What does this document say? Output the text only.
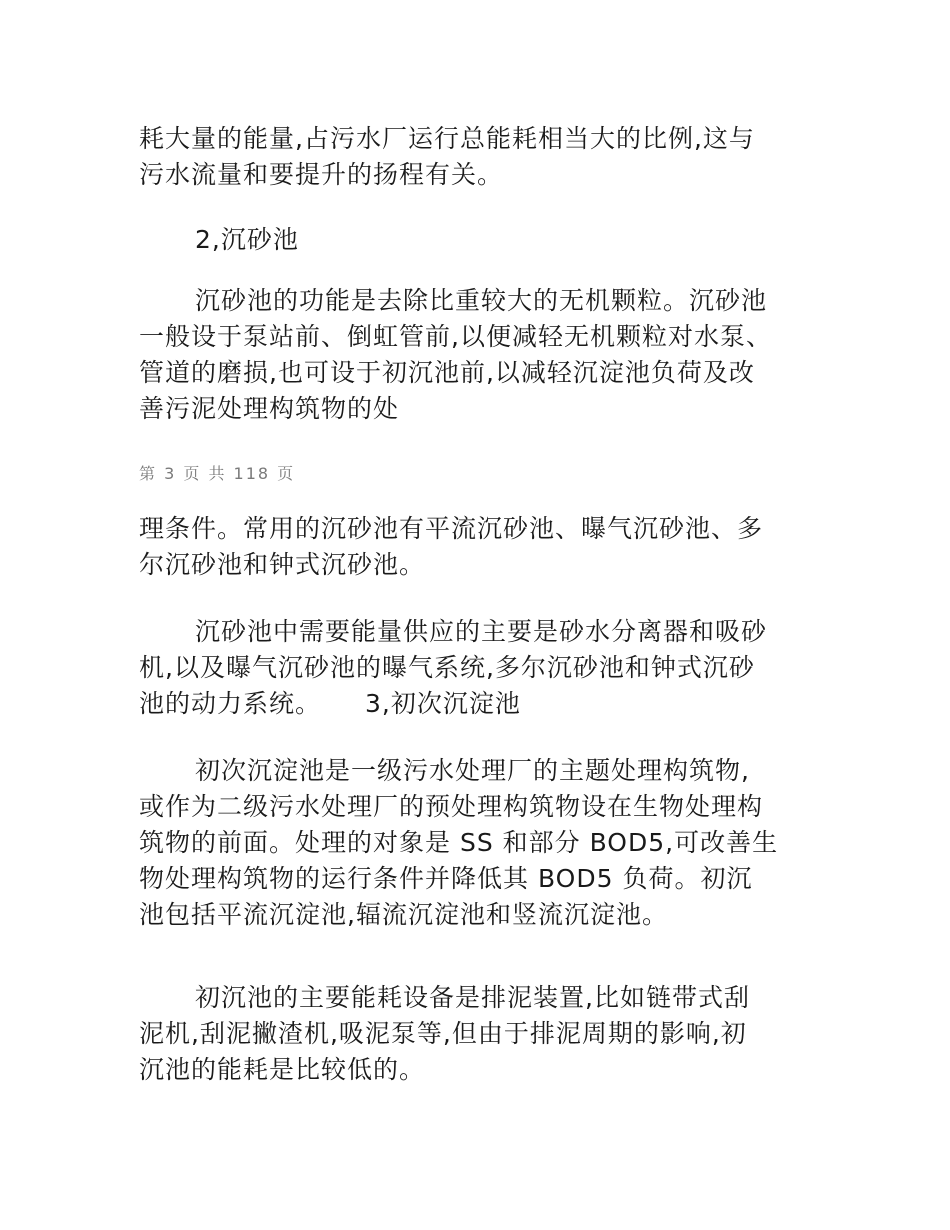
耗大量的能量,占污水厂运行总能耗相当大的比例,这与
污水流量和要提升的扬程有关。

2,沉砂池

沉砂池的功能是去除比重较大的无机颗粒。沉砂池
一般设于泵站前、倒虹管前,以便减轻无机颗粒对水泵、
管道的磨损,也可设于初沉池前,以减轻沉淀池负荷及改
善污泥处理构筑物的处

第 3 页 共 118 页

理条件。常用的沉砂池有平流沉砂池、曝气沉砂池、多
尔沉砂池和钟式沉砂池。

沉砂池中需要能量供应的主要是砂水分离器和吸砂
机,以及曝气沉砂池的曝气系统,多尔沉砂池和钟式沉砂
池的动力系统。 3,初次沉淀池

初次沉淀池是一级污水处理厂的主题处理构筑物,
或作为二级污水处理厂的预处理构筑物设在生物处理构
筑物的前面。处理的对象是 SS 和部分 BOD5,可改善生
物处理构筑物的运行条件并降低其 BOD5 负荷。初沉
池包括平流沉淀池,辐流沉淀池和竖流沉淀池。

初沉池的主要能耗设备是排泥装置,比如链带式刮
泥机,刮泥撇渣机,吸泥泵等,但由于排泥周期的影响,初
沉池的能耗是比较低的。
